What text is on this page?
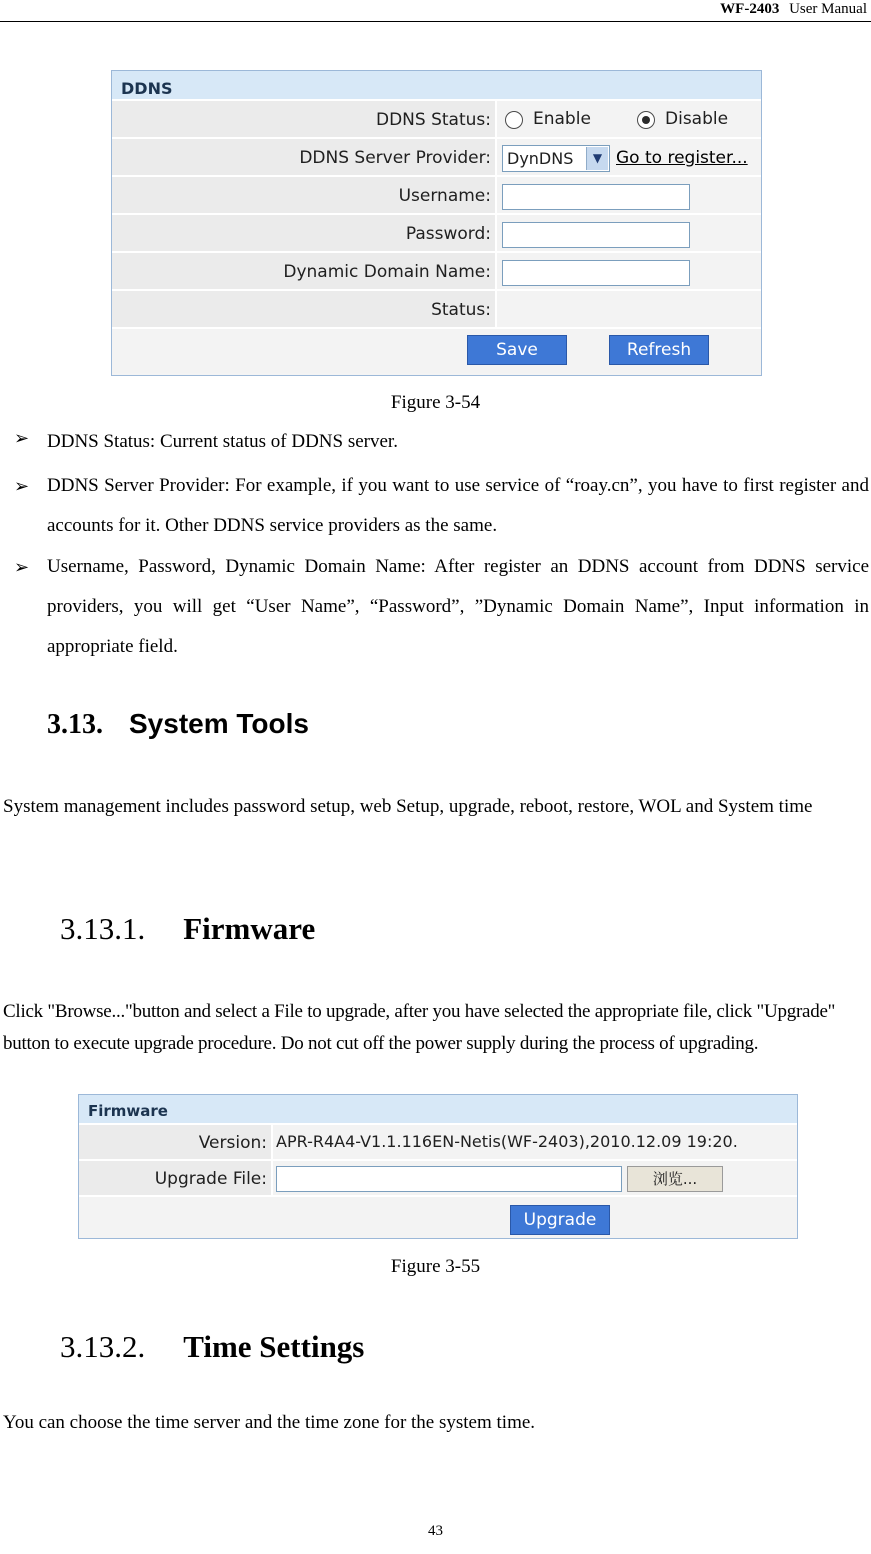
WF-2403 User Manual
DDNS
DDNS Status:	Enable	Disable
DDNS Server Provider:	DynDNS	▼ Go to register...
Username:
Password:
Dynamic Domain Name:
Status:
Save	Refresh
Figure 3-54
➢ DDNS Status: Current status of DDNS server.
➢ DDNS Server Provider: For example, if you want to use service of “roay.cn”, you have to first register and accounts for it. Other DDNS service providers as the same.
➢ Username, Password, Dynamic Domain Name: After register an DDNS account from DDNS service providers, you will get “User Name”, “Password”, ”Dynamic Domain Name”, Input information in appropriate field.
3.13. System Tools
System management includes password setup, web Setup, upgrade, reboot, restore, WOL and System time
3.13.1. Firmware
Click "Browse..."button and select a File to upgrade, after you have selected the appropriate file, click "Upgrade" button to execute upgrade procedure. Do not cut off the power supply during the process of upgrading.
Firmware
Version: APR-R4A4-V1.1.116EN-Netis(WF-2403),2010.12.09 19:20.
Upgrade File:	浏览...
Upgrade
Figure 3-55
3.13.2. Time Settings
You can choose the time server and the time zone for the system time.
43
